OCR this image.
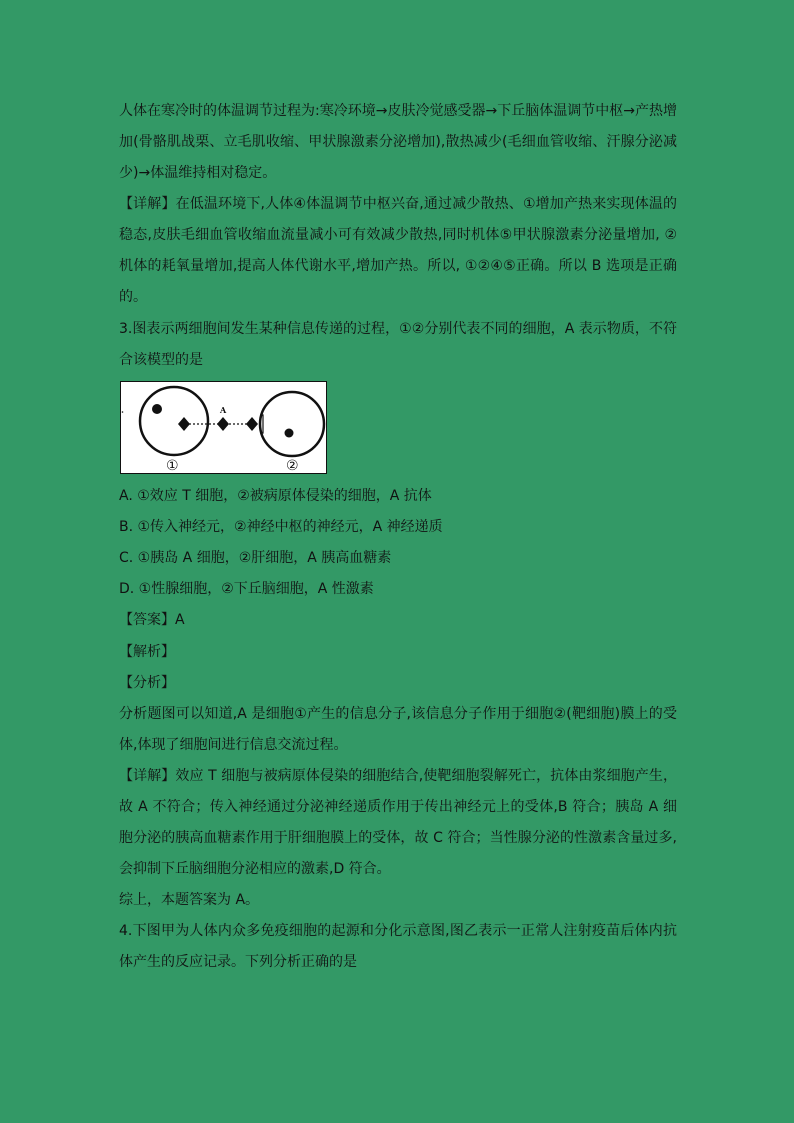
人体在寒冷时的体温调节过程为:寒冷环境→皮肤冷觉感受器→下丘脑体温调节中枢→产热增加(骨骼肌战栗、立毛肌收缩、甲状腺激素分泌增加),散热减少(毛细血管收缩、汗腺分泌减少)→体温维持相对稳定。

【详解】在低温环境下,人体④体温调节中枢兴奋,通过减少散热、①增加产热来实现体温的稳态,皮肤毛细血管收缩血流量减小可有效减少散热,同时机体⑤甲状腺激素分泌量增加, ②机体的耗氧量增加,提高人体代谢水平,增加产热。所以, ①②④⑤正确。所以 B 选项是正确的。

3.图表示两细胞间发生某种信息传递的过程，①②分别代表不同的细胞，A 表示物质，不符合该模型的是

A
①	②

A. ①效应 T 细胞，②被病原体侵染的细胞，A 抗体

B. ①传入神经元，②神经中枢的神经元，A 神经递质

C. ①胰岛 A 细胞，②肝细胞，A 胰高血糖素

D. ①性腺细胞，②下丘脑细胞，A 性激素

【答案】A

【解析】

【分析】

分析题图可以知道,A 是细胞①产生的信息分子,该信息分子作用于细胞②(靶细胞)膜上的受体,体现了细胞间进行信息交流过程。

【详解】效应 T 细胞与被病原体侵染的细胞结合,使靶细胞裂解死亡，抗体由浆细胞产生，故 A 不符合；传入神经通过分泌神经递质作用于传出神经元上的受体,B 符合；胰岛 A 细胞分泌的胰高血糖素作用于肝细胞膜上的受体，故 C 符合；当性腺分泌的性激素含量过多,会抑制下丘脑细胞分泌相应的激素,D 符合。

综上，本题答案为 A。

4.下图甲为人体内众多免疫细胞的起源和分化示意图,图乙表示一正常人注射疫苗后体内抗体产生的反应记录。下列分析正确的是
